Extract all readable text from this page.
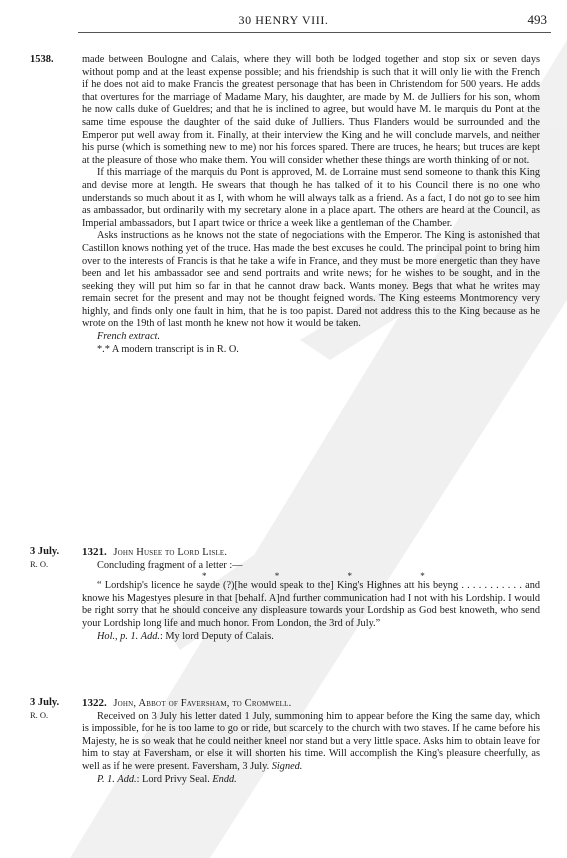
30 HENRY VIII.	493
1538.	made between Boulogne and Calais, where they will both be lodged together and stop six or seven days without pomp and at the least expense possible; and his friendship is such that it will only lie with the French if he does not aid to make Francis the greatest personage that has been in Christendom for 500 years. He adds that overtures for the marriage of Madame Mary, his daughter, are made by M. de Julliers for his son, whom he now calls duke of Gueldres; and that he is inclined to agree, but would have M. le marquis du Pont at the same time espouse the daughter of the said duke of Julliers. Thus Flanders would be surrounded and the Emperor put well away from it. Finally, at their interview the King and he will conclude marvels, and neither his purse (which is something new to me) nor his forces spared. There are truces, he hears; but truces are kept at the pleasure of those who make them. You will consider whether these things are worth thinking of or not.

If this marriage of the marquis du Pont is approved, M. de Lorraine must send someone to thank this King and devise more at length. He swears that though he has talked of it to his Council there is no one who understands so much about it as I, with whom he will always talk as a friend. As a fact, I do not go to see him as ambassador, but ordinarily with my secretary alone in a place apart. The others are heard at the Council, as Imperial ambassadors, but I apart twice or thrice a week like a gentleman of the Chamber.

Asks instructions as he knows not the state of negociations with the Emperor. The King is astonished that Castillon knows nothing yet of the truce. Has made the best excuses he could. The principal point to bring him over to the interests of Francis is that he take a wife in France, and they must be more energetic than they have been and let his ambassador see and send portraits and write news; for he wishes to be sought, and in the seeking they will put him so far in that he cannot draw back. Wants money. Begs that what he writes may remain secret for the present and may not be thought feigned words. The King esteems Montmorency very highly, and finds only one fault in him, that he is too papist. Dared not address this to the King because as he wrote on the 19th of last month he knew not how it would be taken.

French extract.

*.* A modern transcript is in R. O.

3 July.
R. O.
1321. John Husee to Lord Lisle.

Concluding fragment of a letter :—

*	*	*	*

“ Lordship's licence he sayde (?)[he would speak to the] King's Highnes att his beyng . . . . . . . . . . . and knowe his Magestyes plesure in that [behalf. A]nd further communication had I not with his Lordship. I would be right sorry that he should conceive any displeasure towards your Lordship as God best knoweth, who send your Lordship long life and much honor. From London, the 3rd of July.”

Hol., p. 1. Add.: My lord Deputy of Calais.

3 July.
R. O.
1322. John, Abbot of Faversham, to Cromwell.

Received on 3 July his letter dated 1 July, summoning him to appear before the King the same day, which is impossible, for he is too lame to go or ride, but scarcely to the church with two staves. If he came before his Majesty, he is so weak that he could neither kneel nor stand but a very little space. Asks him to obtain leave for him to stay at Faversham, or else it will shorten his time. Will accomplish the King's pleasure cheerfully, as well as if he were present. Faversham, 3 July. Signed.

P. 1. Add.: Lord Privy Seal. Endd.
